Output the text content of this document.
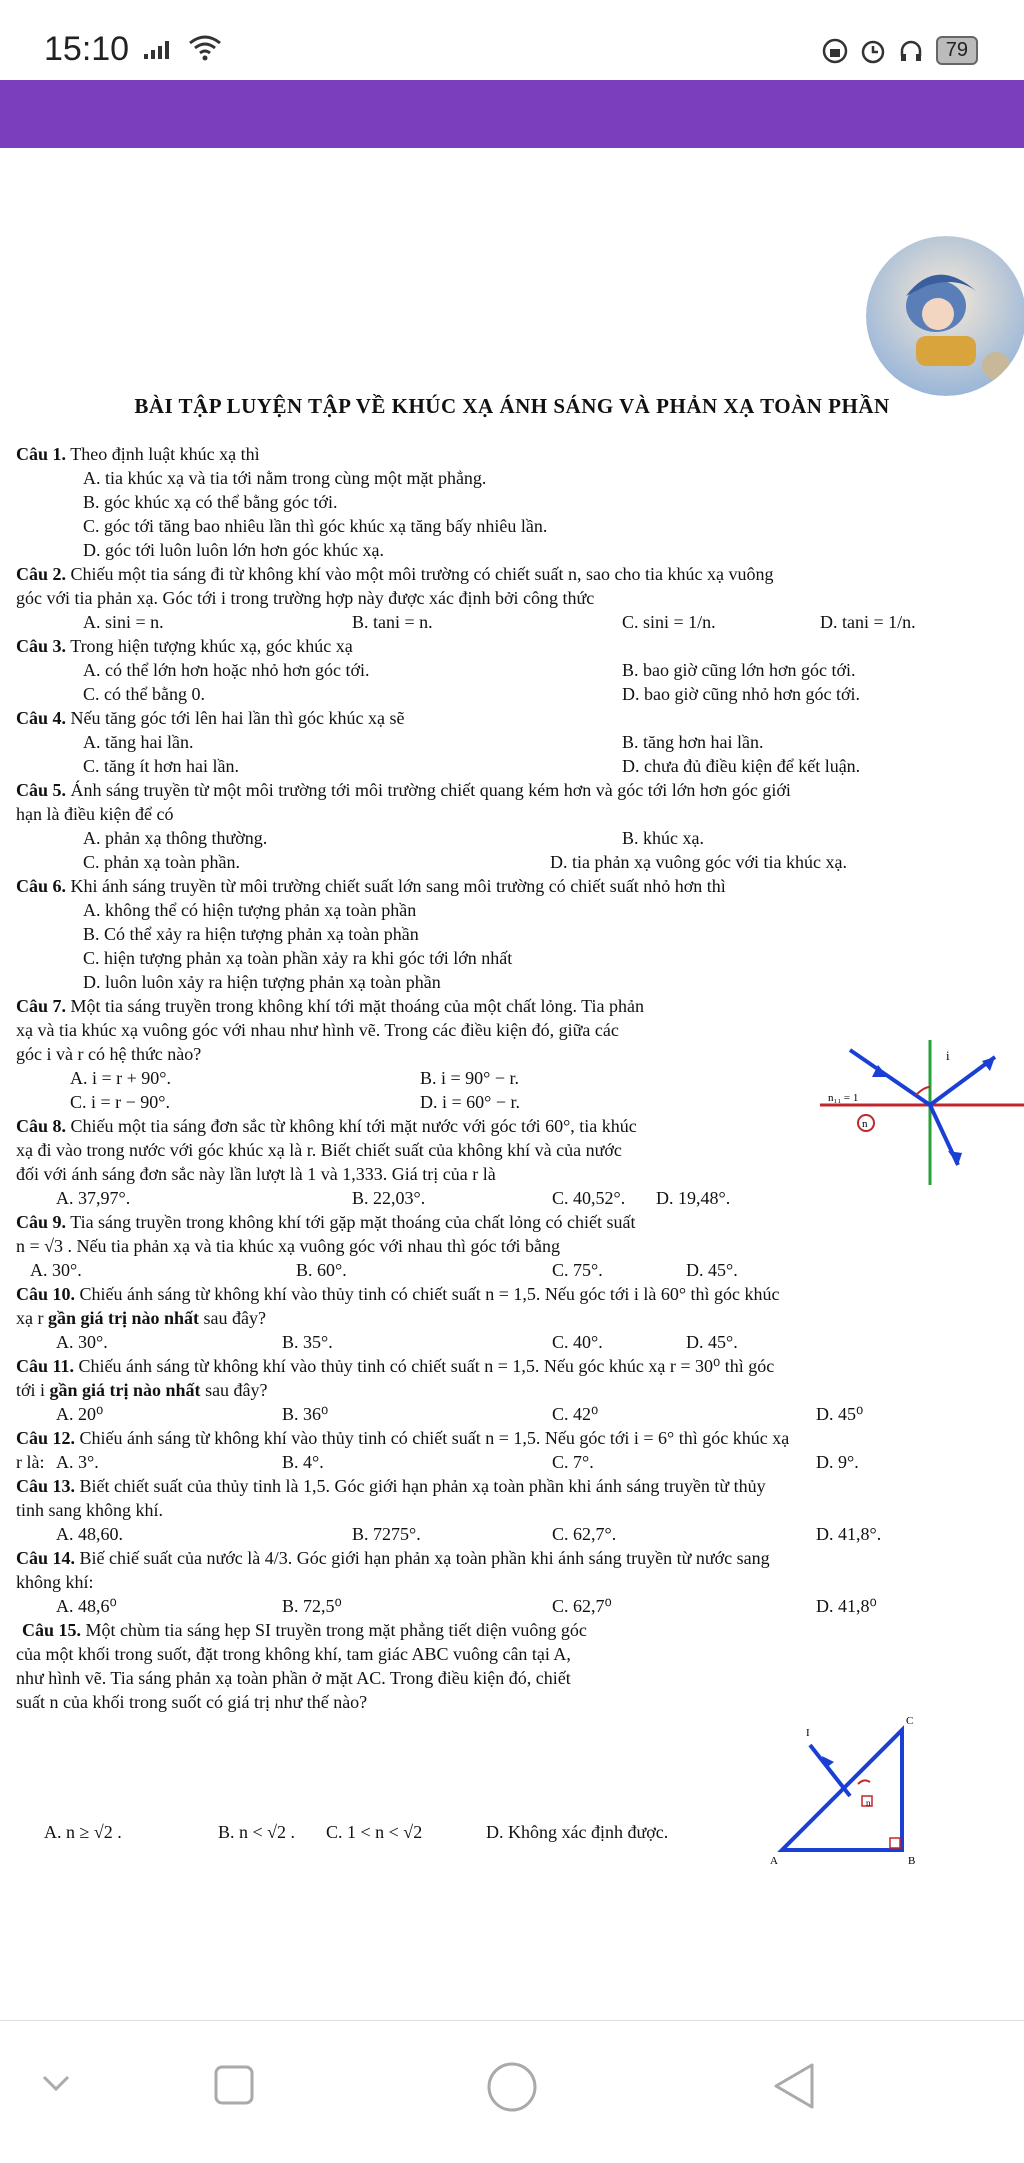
15:10	79
BÀI TẬP LUYỆN TẬP VỀ KHÚC XẠ ÁNH SÁNG VÀ PHẢN XẠ TOÀN PHẦN
Câu 1. Theo định luật khúc xạ thì
A. tia khúc xạ và tia tới nằm trong cùng một mặt phẳng.
B. góc khúc xạ có thể bằng góc tới.
C. góc tới tăng bao nhiêu lần thì góc khúc xạ tăng bấy nhiêu lần.
D. góc tới luôn luôn lớn hơn góc khúc xạ.
Câu 2. Chiếu một tia sáng đi từ không khí vào một môi trường có chiết suất n, sao cho tia khúc xạ vuông
góc với tia phản xạ. Góc tới i trong trường hợp này được xác định bởi công thức
A. sini = n.	B. tani = n.	C. sini = 1/n.	D. tani = 1/n.
Câu 3. Trong hiện tượng khúc xạ, góc khúc xạ
A. có thể lớn hơn hoặc nhỏ hơn góc tới.	B. bao giờ cũng lớn hơn góc tới.
C. có thể bằng 0.	D. bao giờ cũng nhỏ hơn góc tới.
Câu 4. Nếu tăng góc tới lên hai lần thì góc khúc xạ sẽ
A. tăng hai lần.	B. tăng hơn hai lần.
C. tăng ít hơn hai lần.	D. chưa đủ điều kiện để kết luận.
Câu 5. Ánh sáng truyền từ một môi trường tới môi trường chiết quang kém hơn và góc tới lớn hơn góc giới
hạn là điều kiện để có
A. phản xạ thông thường.	B. khúc xạ.
C. phản xạ toàn phần.	D. tia phản xạ vuông góc với tia khúc xạ.
Câu 6. Khi ánh sáng truyền từ môi trường chiết suất lớn sang môi trường có chiết suất nhỏ hơn thì
A. không thể có hiện tượng phản xạ toàn phần
B. Có thể xảy ra hiện tượng phản xạ toàn phần
C. hiện tượng phản xạ toàn phần xảy ra khi góc tới lớn nhất
D. luôn luôn xảy ra hiện tượng phản xạ toàn phần
Câu 7. Một tia sáng truyền trong không khí tới mặt thoáng của một chất lỏng. Tia phản
xạ và tia khúc xạ vuông góc với nhau như hình vẽ. Trong các điều kiện đó, giữa các
góc i và r có hệ thức nào?
A. i = r + 90°.	B. i = 90° − r.
C. i = r − 90°.	D. i = 60° − r.
i
n₁₁ = 1
n
Câu 8. Chiếu một tia sáng đơn sắc từ không khí tới mặt nước với góc tới 60°, tia khúc
xạ đi vào trong nước với góc khúc xạ là r. Biết chiết suất của không khí và của nước
đối với ánh sáng đơn sắc này lần lượt là 1 và 1,333. Giá trị của r là
A. 37,97°.	B. 22,03°.	C. 40,52°. D. 19,48°.
Câu 9. Tia sáng truyền trong không khí tới gặp mặt thoáng của chất lỏng có chiết suất
n = √3 . Nếu tia phản xạ và tia khúc xạ vuông góc với nhau thì góc tới bằng
A. 30°.	B. 60°.	C. 75°.	D. 45°.
Câu 10. Chiếu ánh sáng từ không khí vào thủy tinh có chiết suất n = 1,5. Nếu góc tới i là 60° thì góc khúc
xạ r gần giá trị nào nhất sau đây?
A. 30°.	B. 35°.	C. 40°.	D. 45°.
Câu 11. Chiếu ánh sáng từ không khí vào thủy tinh có chiết suất n = 1,5. Nếu góc khúc xạ r = 30⁰ thì góc
tới i gần giá trị nào nhất sau đây?
A. 20⁰	B. 36⁰	C. 42⁰	D. 45⁰
Câu 12. Chiếu ánh sáng từ không khí vào thủy tinh có chiết suất n = 1,5. Nếu góc tới i = 6° thì góc khúc xạ
r là: A. 3°.	B. 4°.	C. 7°.	D. 9°.
Câu 13. Biết chiết suất của thủy tinh là 1,5. Góc giới hạn phản xạ toàn phần khi ánh sáng truyền từ thủy
tinh sang không khí.
A. 48,60.	B. 7275°.	C. 62,7°.	D. 41,8°.
Câu 14. Biế chiế suất của nước là 4/3. Góc giới hạn phản xạ toàn phần khi ánh sáng truyền từ nước sang
không khí:
A. 48,6⁰	B. 72,5⁰	C. 62,7⁰	D. 41,8⁰
Câu 15. Một chùm tia sáng hẹp SI truyền trong mặt phẳng tiết diện vuông góc
của một khối trong suốt, đặt trong không khí, tam giác ABC vuông cân tại A,
như hình vẽ. Tia sáng phản xạ toàn phần ở mặt AC. Trong điều kiện đó, chiết
suất n của khối trong suốt có giá trị như thế nào?
A. n ≥ √2 .	B. n < √2 . C. 1 < n < √2	D. Không xác định được.
I
C
A	B
n
